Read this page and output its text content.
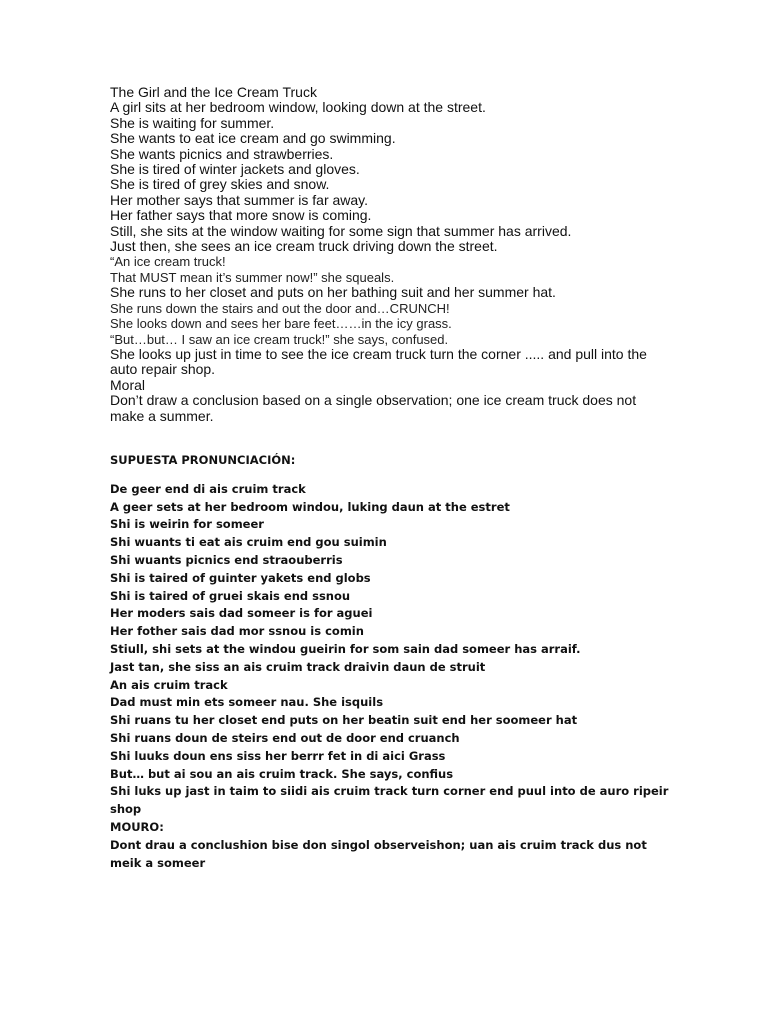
The Girl and the Ice Cream Truck
A girl sits at her bedroom window, looking down at the street.
She is waiting for summer.
She wants to eat ice cream and go swimming.
She wants picnics and strawberries.
She is tired of winter jackets and gloves.
She is tired of grey skies and snow.
Her mother says that summer is far away.
Her father says that more snow is coming.
Still, she sits at the window waiting for some sign that summer has arrived.
Just then, she sees an ice cream truck driving down the street.
“An ice cream truck!
That MUST mean it’s summer now!” she squeals.
She runs to her closet and puts on her bathing suit and her summer hat.
She runs down the stairs and out the door and…CRUNCH!
She looks down and sees her bare feet……in the icy grass.
“But…but… I saw an ice cream truck!” she says, confused.
She looks up just in time to see the ice cream truck turn the corner ..... and pull into the auto repair shop.
Moral
Don’t draw a conclusion based on a single observation; one ice cream truck does not make a summer.
SUPUESTA PRONUNCIACIÓN:
De geer end di ais cruim track
A geer sets at her bedroom windou, luking daun at the estret
Shi is weirin for someer
Shi wuants ti eat ais cruim end gou suimin
Shi wuants picnics end straouberris
Shi is taired of guinter yakets end globs
Shi is taired of gruei skais end ssnou
Her moders sais dad someer is for aguei
Her fother sais dad mor ssnou is comin
Stiull, shi sets at the windou gueirin for som sain dad someer has arraif.
Jast tan, she siss an ais cruim track draivin daun de struit
An ais cruim track
Dad must min ets someer nau. She isquils
Shi ruans tu her closet end puts on her beatin suit end her soomeer hat
Shi ruans doun de steirs end out de door end cruanch
Shi luuks doun ens siss her berrr fet in di aici Grass
But… but ai sou an ais cruim track. She says, confius
Shi luks up jast in taim to siidi ais cruim track turn corner end puul into de auro ripeir shop
MOURO:
Dont drau a conclushion bise don singol observeishon; uan ais cruim track dus not meik a someer
